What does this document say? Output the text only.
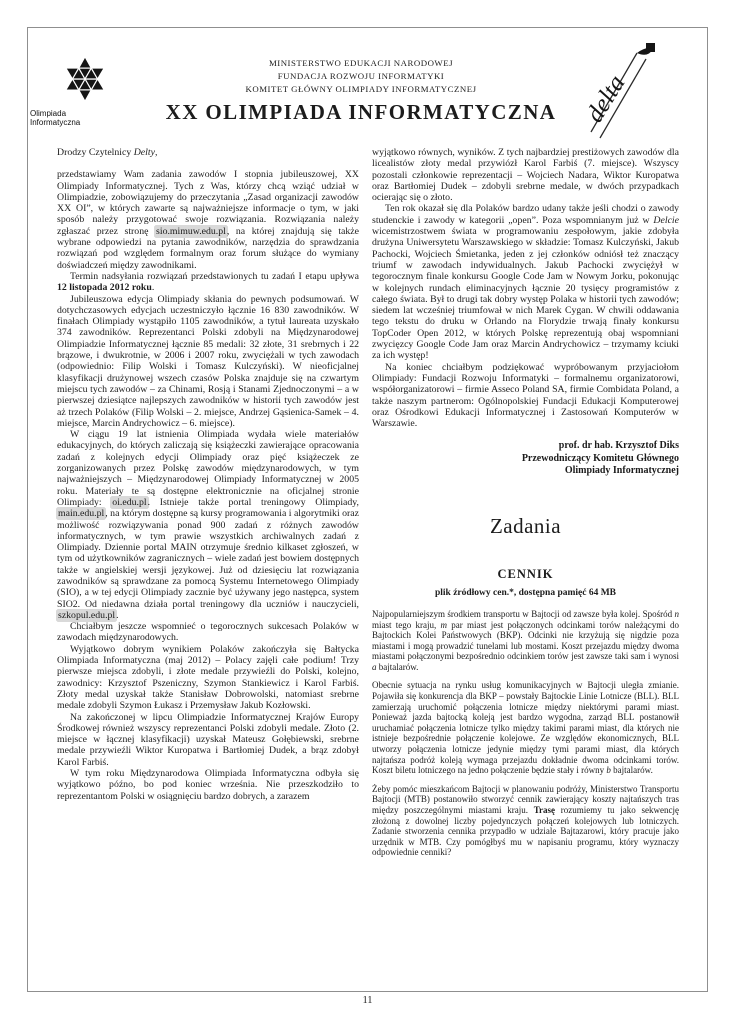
Olimpiada
Informatyczna
MINISTERSTWO EDUKACJI NARODOWEJ
FUNDACJA ROZWOJU INFORMATYKI
KOMITET GŁÓWNY OLIMPIADY INFORMATYCZNEJ
XX OLIMPIADA INFORMATYCZNA delta

Drodzy Czytelnicy Delty,

przedstawiamy Wam zadania zawodów I stopnia jubileuszowej, XX Olimpiady Informatycznej. Tych z Was, którzy chcą wziąć udział w Olimpiadzie, zobowiązujemy do przeczytania „Zasad organizacji zawodów XX OI”, w których zawarte są najważniejsze informacje o tym, w jaki sposób należy przygotować swoje rozwiązania. Rozwiązania należy zgłaszać przez stronę sio.mimuw.edu.pl, na której znajdują się także wybrane odpowiedzi na pytania zawodników, narzędzia do sprawdzania rozwiązań pod względem formalnym oraz forum służące do wymiany doświadczeń między zawodnikami.

Termin nadsyłania rozwiązań przedstawionych tu zadań I etapu upływa 12 listopada 2012 roku.

Jubileuszowa edycja Olimpiady skłania do pewnych podsumowań. W dotychczasowych edycjach uczestniczyło łącznie 16 830 zawodników. W finałach Olimpiady wystąpiło 1105 zawodników, a tytuł laureata uzyskało 374 zawodników. Reprezentanci Polski zdobyli na Międzynarodowej Olimpiadzie Informatycznej łącznie 85 medali: 32 złote, 31 srebrnych i 22 brązowe, i dwukrotnie, w 2006 i 2007 roku, zwyciężali w tych zawodach (odpowiednio: Filip Wolski i Tomasz Kulczyński). W nieoficjalnej klasyfikacji drużynowej wszech czasów Polska znajduje się na czwartym miejscu tych zawodów – za Chinami, Rosją i Stanami Zjednoczonymi – a w pierwszej dziesiątce najlepszych zawodników w historii tych zawodów jest aż trzech Polaków (Filip Wolski – 2. miejsce, Andrzej Gąsienica-Samek – 4. miejsce, Marcin Andrychowicz – 6. miejsce).

W ciągu 19 lat istnienia Olimpiada wydała wiele materiałów edukacyjnych, do których zaliczają się książeczki zawierające opracowania zadań z kolejnych edycji Olimpiady oraz pięć książeczek ze zorganizowanych przez Polskę zawodów międzynarodowych, w tym najważniejszych – Międzynarodowej Olimpiady Informatycznej w 2005 roku. Materiały te są dostępne elektronicznie na oficjalnej stronie Olimpiady: oi.edu.pl. Istnieje także portal treningowy Olimpiady, main.edu.pl, na którym dostępne są kursy programowania i algorytmiki oraz możliwość rozwiązywania ponad 900 zadań z różnych zawodów informatycznych, w tym prawie wszystkich archiwalnych zadań z Olimpiady. Dziennie portal MAIN otrzymuje średnio kilkaset zgłoszeń, w tym od użytkowników zagranicznych – wiele zadań jest bowiem dostępnych także w angielskiej wersji językowej. Już od dziesięciu lat rozwiązania zawodników są sprawdzane za pomocą Systemu Internetowego Olimpiady (SIO), a w tej edycji Olimpiady zacznie być używany jego następca, system SIO2. Od niedawna działa portal treningowy dla uczniów i nauczycieli, szkopul.edu.pl.

Chciałbym jeszcze wspomnieć o tegorocznych sukcesach Polaków w zawodach międzynarodowych.

Wyjątkowo dobrym wynikiem Polaków zakończyła się Bałtycka Olimpiada Informatyczna (maj 2012) – Polacy zajęli całe podium! Trzy pierwsze miejsca zdobyli, i złote medale przywieźli do Polski, kolejno, zawodnicy: Krzysztof Pszeniczny, Szymon Stankiewicz i Karol Farbiś. Złoty medal uzyskał także Stanisław Dobrowolski, natomiast srebrne medale zdobyli Szymon Łukasz i Przemysław Jakub Kozłowski.

Na zakończonej w lipcu Olimpiadzie Informatycznej Krajów Europy Środkowej również wszyscy reprezentanci Polski zdobyli medale. Złoto (2. miejsce w łącznej klasyfikacji) uzyskał Mateusz Gołębiewski, srebrne medale przywieźli Wiktor Kuropatwa i Bartłomiej Dudek, a brąz zdobył Karol Farbiś.

W tym roku Międzynarodowa Olimpiada Informatyczna odbyła się wyjątkowo późno, bo pod koniec września. Nie przeszkodziło to reprezentantom Polski w osiągnięciu bardzo dobrych, a zarazem

wyjątkowo równych, wyników. Z tych najbardziej prestiżowych zawodów dla licealistów złoty medal przywiózł Karol Farbiś (7. miejsce). Wszyscy pozostali członkowie reprezentacji – Wojciech Nadara, Wiktor Kuropatwa oraz Bartłomiej Dudek – zdobyli srebrne medale, w dwóch przypadkach ocierając się o złoto.

Ten rok okazał się dla Polaków bardzo udany także jeśli chodzi o zawody studenckie i zawody w kategorii „open”. Poza wspomnianym już w Delcie wicemistrzostwem świata w programowaniu zespołowym, jakie zdobyła drużyna Uniwersytetu Warszawskiego w składzie: Tomasz Kulczyński, Jakub Pachocki, Wojciech Śmietanka, jeden z jej członków odniósł też znaczący triumf w zawodach indywidualnych. Jakub Pachocki zwyciężył w tegorocznym finale konkursu Google Code Jam w Nowym Jorku, pokonując w kolejnych rundach eliminacyjnych łącznie 20 tysięcy programistów z całego świata. Był to drugi tak dobry występ Polaka w historii tych zawodów; siedem lat wcześniej triumfował w nich Marek Cygan. W chwili oddawania tego tekstu do druku w Orlando na Florydzie trwają finały konkursu TopCoder Open 2012, w których Polskę reprezentują obaj wspomniani zwycięzcy Google Code Jam oraz Marcin Andrychowicz – trzymamy kciuki za ich występ!

Na koniec chciałbym podziękować wypróbowanym przyjaciołom Olimpiady: Fundacji Rozwoju Informatyki – formalnemu organizatorowi, współorganizatorowi – firmie Asseco Poland SA, firmie Combidata Poland, a także naszym partnerom: Ogólnopolskiej Fundacji Edukacji Komputerowej oraz Ośrodkowi Edukacji Informatycznej i Zastosowań Komputerów w Warszawie.

prof. dr hab. Krzysztof Diks
Przewodniczący Komitetu Głównego
Olimpiady Informatycznej
Zadania
CENNIK
plik źródłowy cen.*, dostępna pamięć 64 MB

Najpopularniejszym środkiem transportu w Bajtocji od zawsze była kolej. Spośród n miast tego kraju, m par miast jest połączonych odcinkami torów należącymi do Bajtockich Kolei Państwowych (BKP). Odcinki nie krzyżują się nigdzie poza miastami i mogą prowadzić tunelami lub mostami. Koszt przejazdu między dwoma miastami połączonymi bezpośrednio odcinkiem torów jest zawsze taki sam i wynosi a bajtalarów.

Obecnie sytuacja na rynku usług komunikacyjnych w Bajtocji uległa zmianie. Pojawiła się konkurencja dla BKP – powstały Bajtockie Linie Lotnicze (BLL). BLL zamierzają uruchomić połączenia lotnicze między niektórymi parami miast. Ponieważ jazda bajtocką koleją jest bardzo wygodna, zarząd BLL postanowił uruchamiać połączenia lotnicze tylko między takimi parami miast, dla których nie istnieje bezpośrednie połączenie kolejowe. Ze względów ekonomicznych, BLL utworzy połączenia lotnicze jedynie między tymi parami miast, dla których najtańsza podróż koleją wymaga przejazdu dokładnie dwoma odcinkami torów. Koszt biletu lotniczego na jedno połączenie będzie stały i równy b bajtalarów.

Żeby pomóc mieszkańcom Bajtocji w planowaniu podróży, Ministerstwo Transportu Bajtocji (MTB) postanowiło stworzyć cennik zawierający koszty najtańszych tras między poszczególnymi miastami kraju. Trasę rozumiemy tu jako sekwencję złożoną z dowolnej liczby pojedynczych połączeń kolejowych lub lotniczych. Zadanie stworzenia cennika przypadło w udziale Bajtazarowi, który pracuje jako urzędnik w MTB. Czy pomógłbyś mu w napisaniu programu, który wyznaczy odpowiednie cenniki?

11
